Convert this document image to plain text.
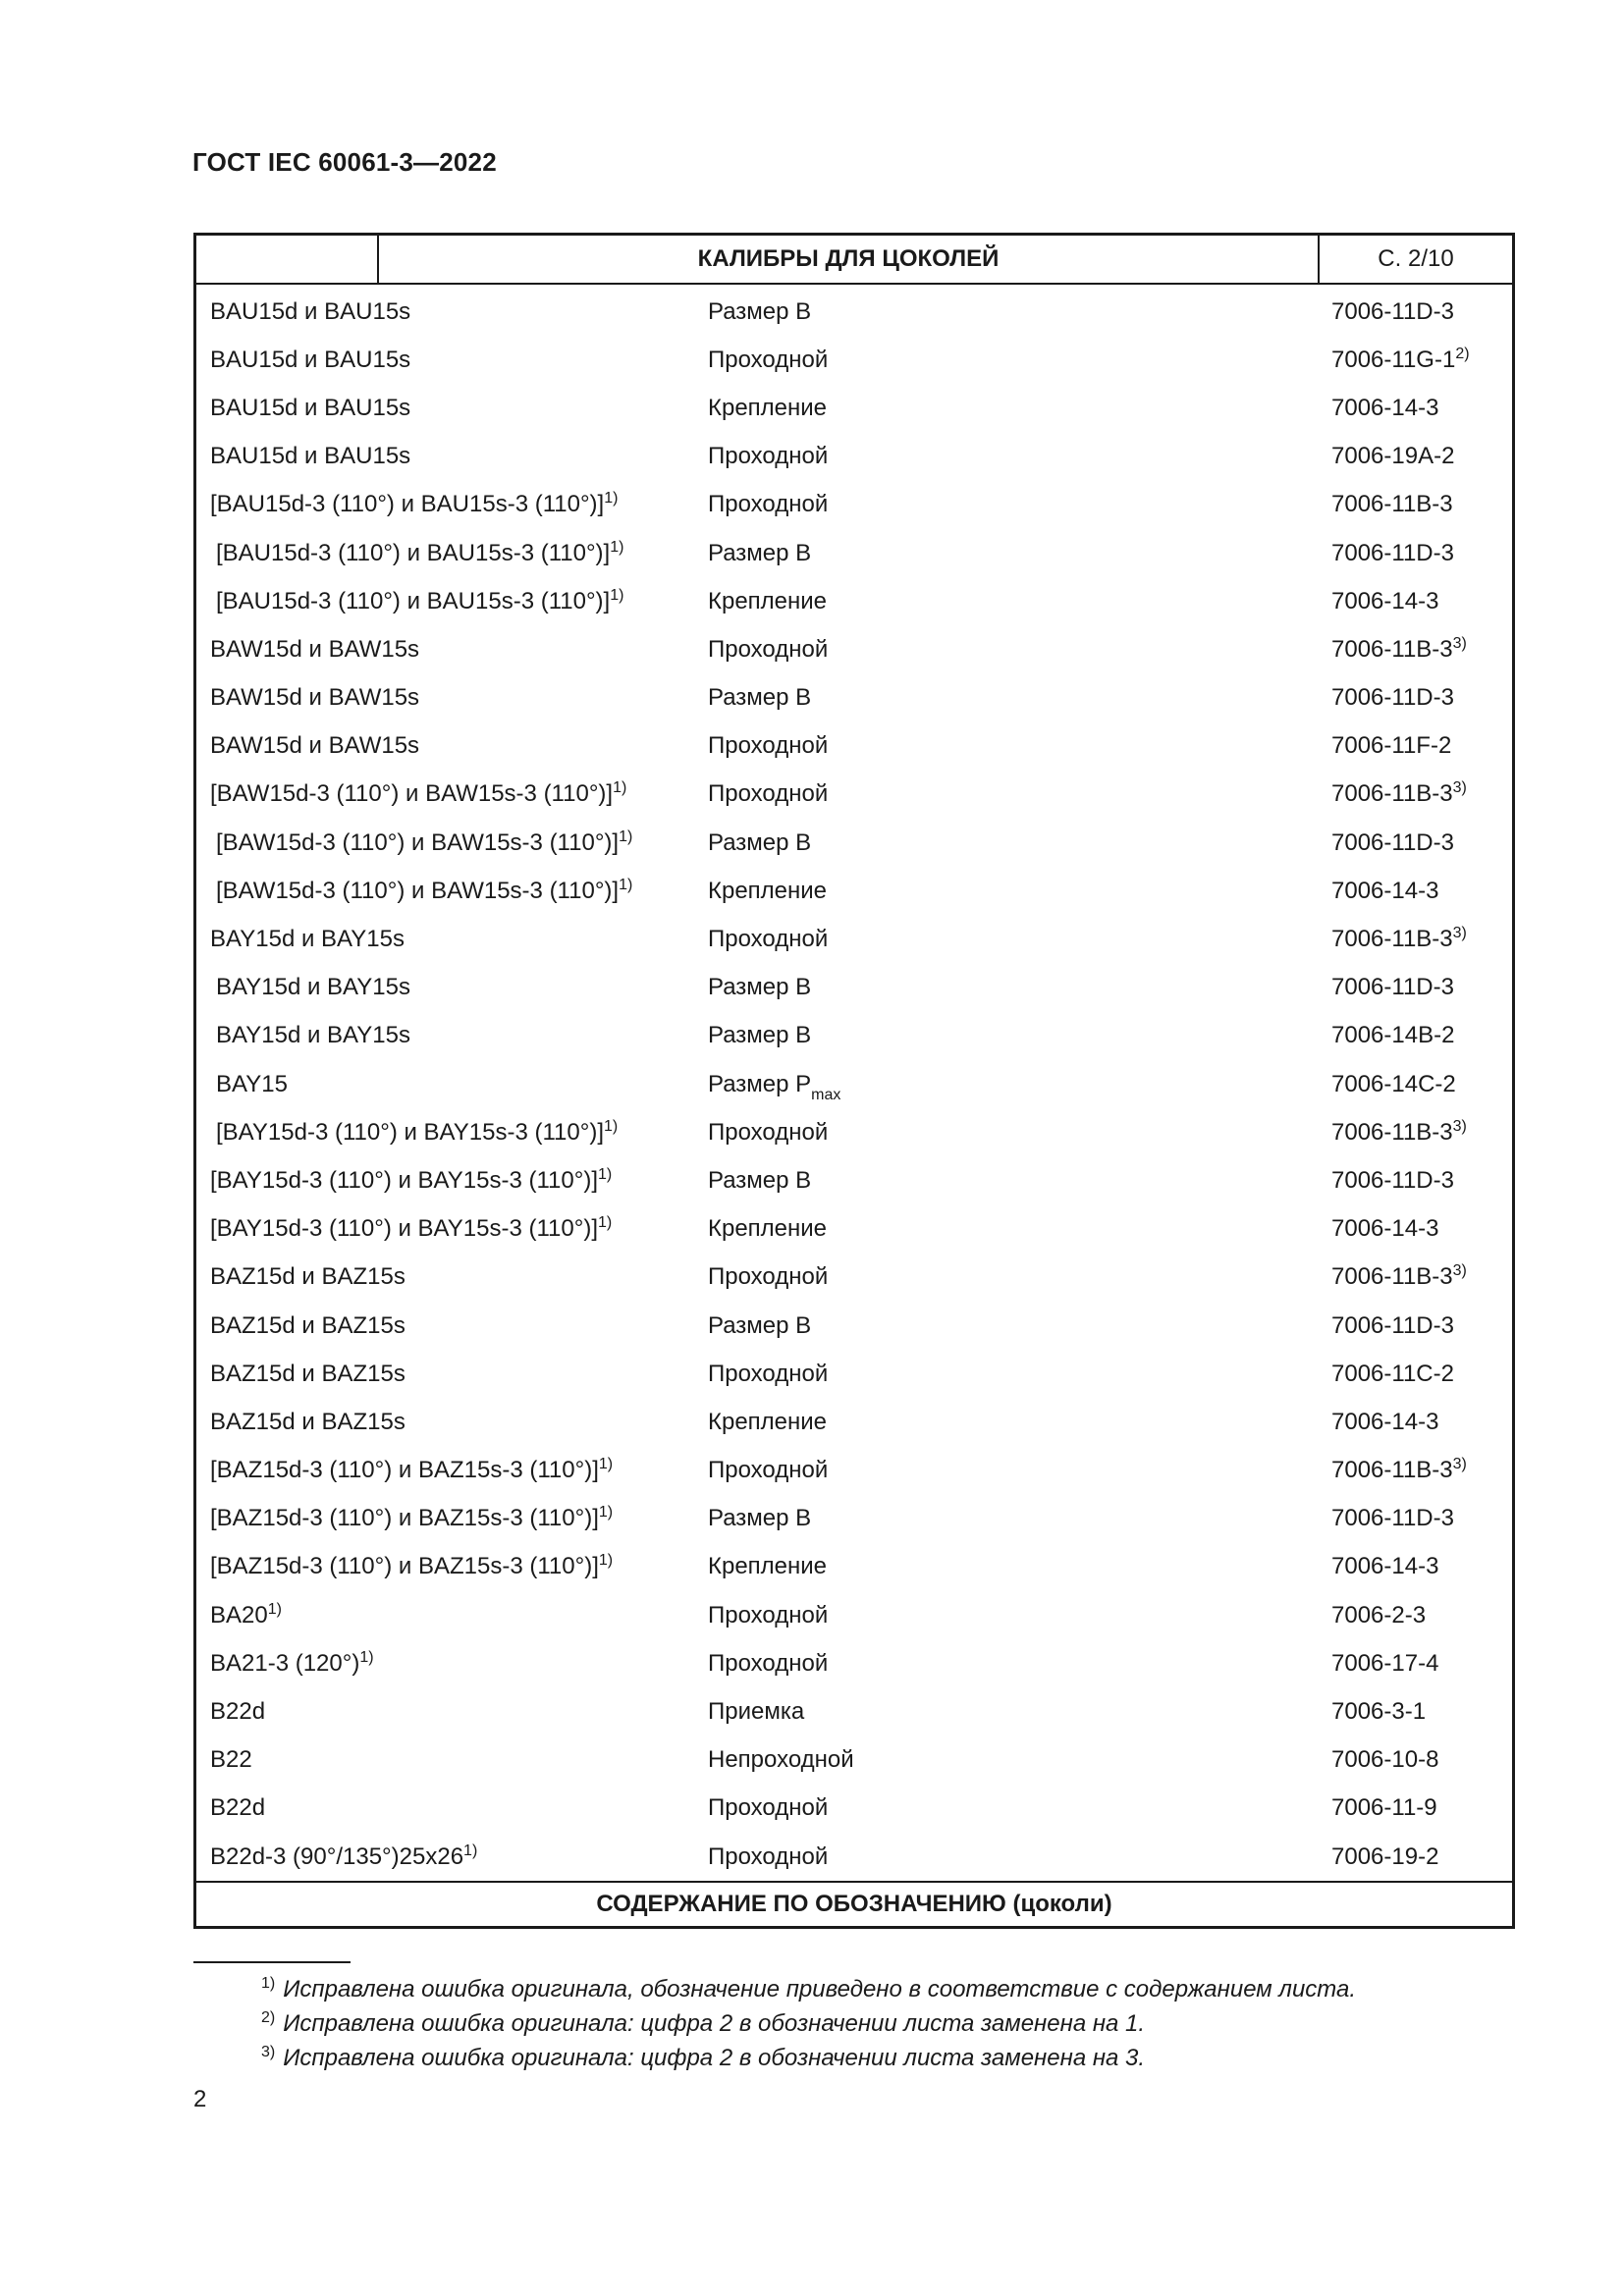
ГОСТ IEC 60061-3—2022
КАЛИБРЫ ДЛЯ ЦОКОЛЕЙ	С. 2/10
BAU15d и BAU15s	Размер В	7006-11D-3
BAU15d и BAU15s	Проходной	7006-11G-1$^{2)}$
BAU15d и BAU15s	Крепление	7006-14-3
BAU15d и BAU15s	Проходной	7006-19A-2
[BAU15d-3 (110°) и BAU15s-3 (110°)]$^{1)}$	Проходной	7006-11B-3
[BAU15d-3 (110°) и BAU15s-3 (110°)]$^{1)}$	Размер В	7006-11D-3
[BAU15d-3 (110°) и BAU15s-3 (110°)]$^{1)}$	Крепление	7006-14-3
BAW15d и BAW15s	Проходной	7006-11B-3$^{3)}$
BAW15d и BAW15s	Размер В	7006-11D-3
BAW15d и BAW15s	Проходной	7006-11F-2
[BAW15d-3 (110°) и BAW15s-3 (110°)]$^{1)}$	Проходной	7006-11B-3$^{3)}$
[BAW15d-3 (110°) и BAW15s-3 (110°)]$^{1)}$	Размер В	7006-11D-3
[BAW15d-3 (110°) и BAW15s-3 (110°)]$^{1)}$	Крепление	7006-14-3
BAY15d и BAY15s	Проходной	7006-11B-3$^{3)}$
BAY15d и BAY15s	Размер В	7006-11D-3
BAY15d и BAY15s	Размер В	7006-14B-2
BAY15	Размер $P_{max}$	7006-14C-2
[BAY15d-3 (110°) и BAY15s-3 (110°)]$^{1)}$	Проходной	7006-11B-3$^{3)}$
[BAY15d-3 (110°) и BAY15s-3 (110°)]$^{1)}$	Размер В	7006-11D-3
[BAY15d-3 (110°) и BAY15s-3 (110°)]$^{1)}$	Крепление	7006-14-3
BAZ15d и BAZ15s	Проходной	7006-11B-3$^{3)}$
BAZ15d и BAZ15s	Размер В	7006-11D-3
BAZ15d и BAZ15s	Проходной	7006-11C-2
BAZ15d и BAZ15s	Крепление	7006-14-3
[BAZ15d-3 (110°) и BAZ15s-3 (110°)]$^{1)}$	Проходной	7006-11B-3$^{3)}$
[BAZ15d-3 (110°) и BAZ15s-3 (110°)]$^{1)}$	Размер В	7006-11D-3
[BAZ15d-3 (110°) и BAZ15s-3 (110°)]$^{1)}$	Крепление	7006-14-3
BA20$^{1)}$	Проходной	7006-2-3
BA21-3 $(120^\circ)^{1)}$	Проходной	7006-17-4
B22d	Приемка	7006-3-1
B22	Непроходной	7006-10-8
B22d	Проходной	7006-11-9
B22d-3 (90°/135°)25x26$^{1)}$	Проходной	7006-19-2
СОДЕРЖАНИЕ ПО ОБОЗНАЧЕНИЮ (цоколи)
$^{1)}$ Исправлена ошибка оригинала, обозначение приведено в соответствие с содержанием листа.
$^{2)}$ Исправлена ошибка оригинала: цифра 2 в обозначении листа заменена на 1.
$^{3)}$ Исправлена ошибка оригинала: цифра 2 в обозначении листа заменена на 3.
2
